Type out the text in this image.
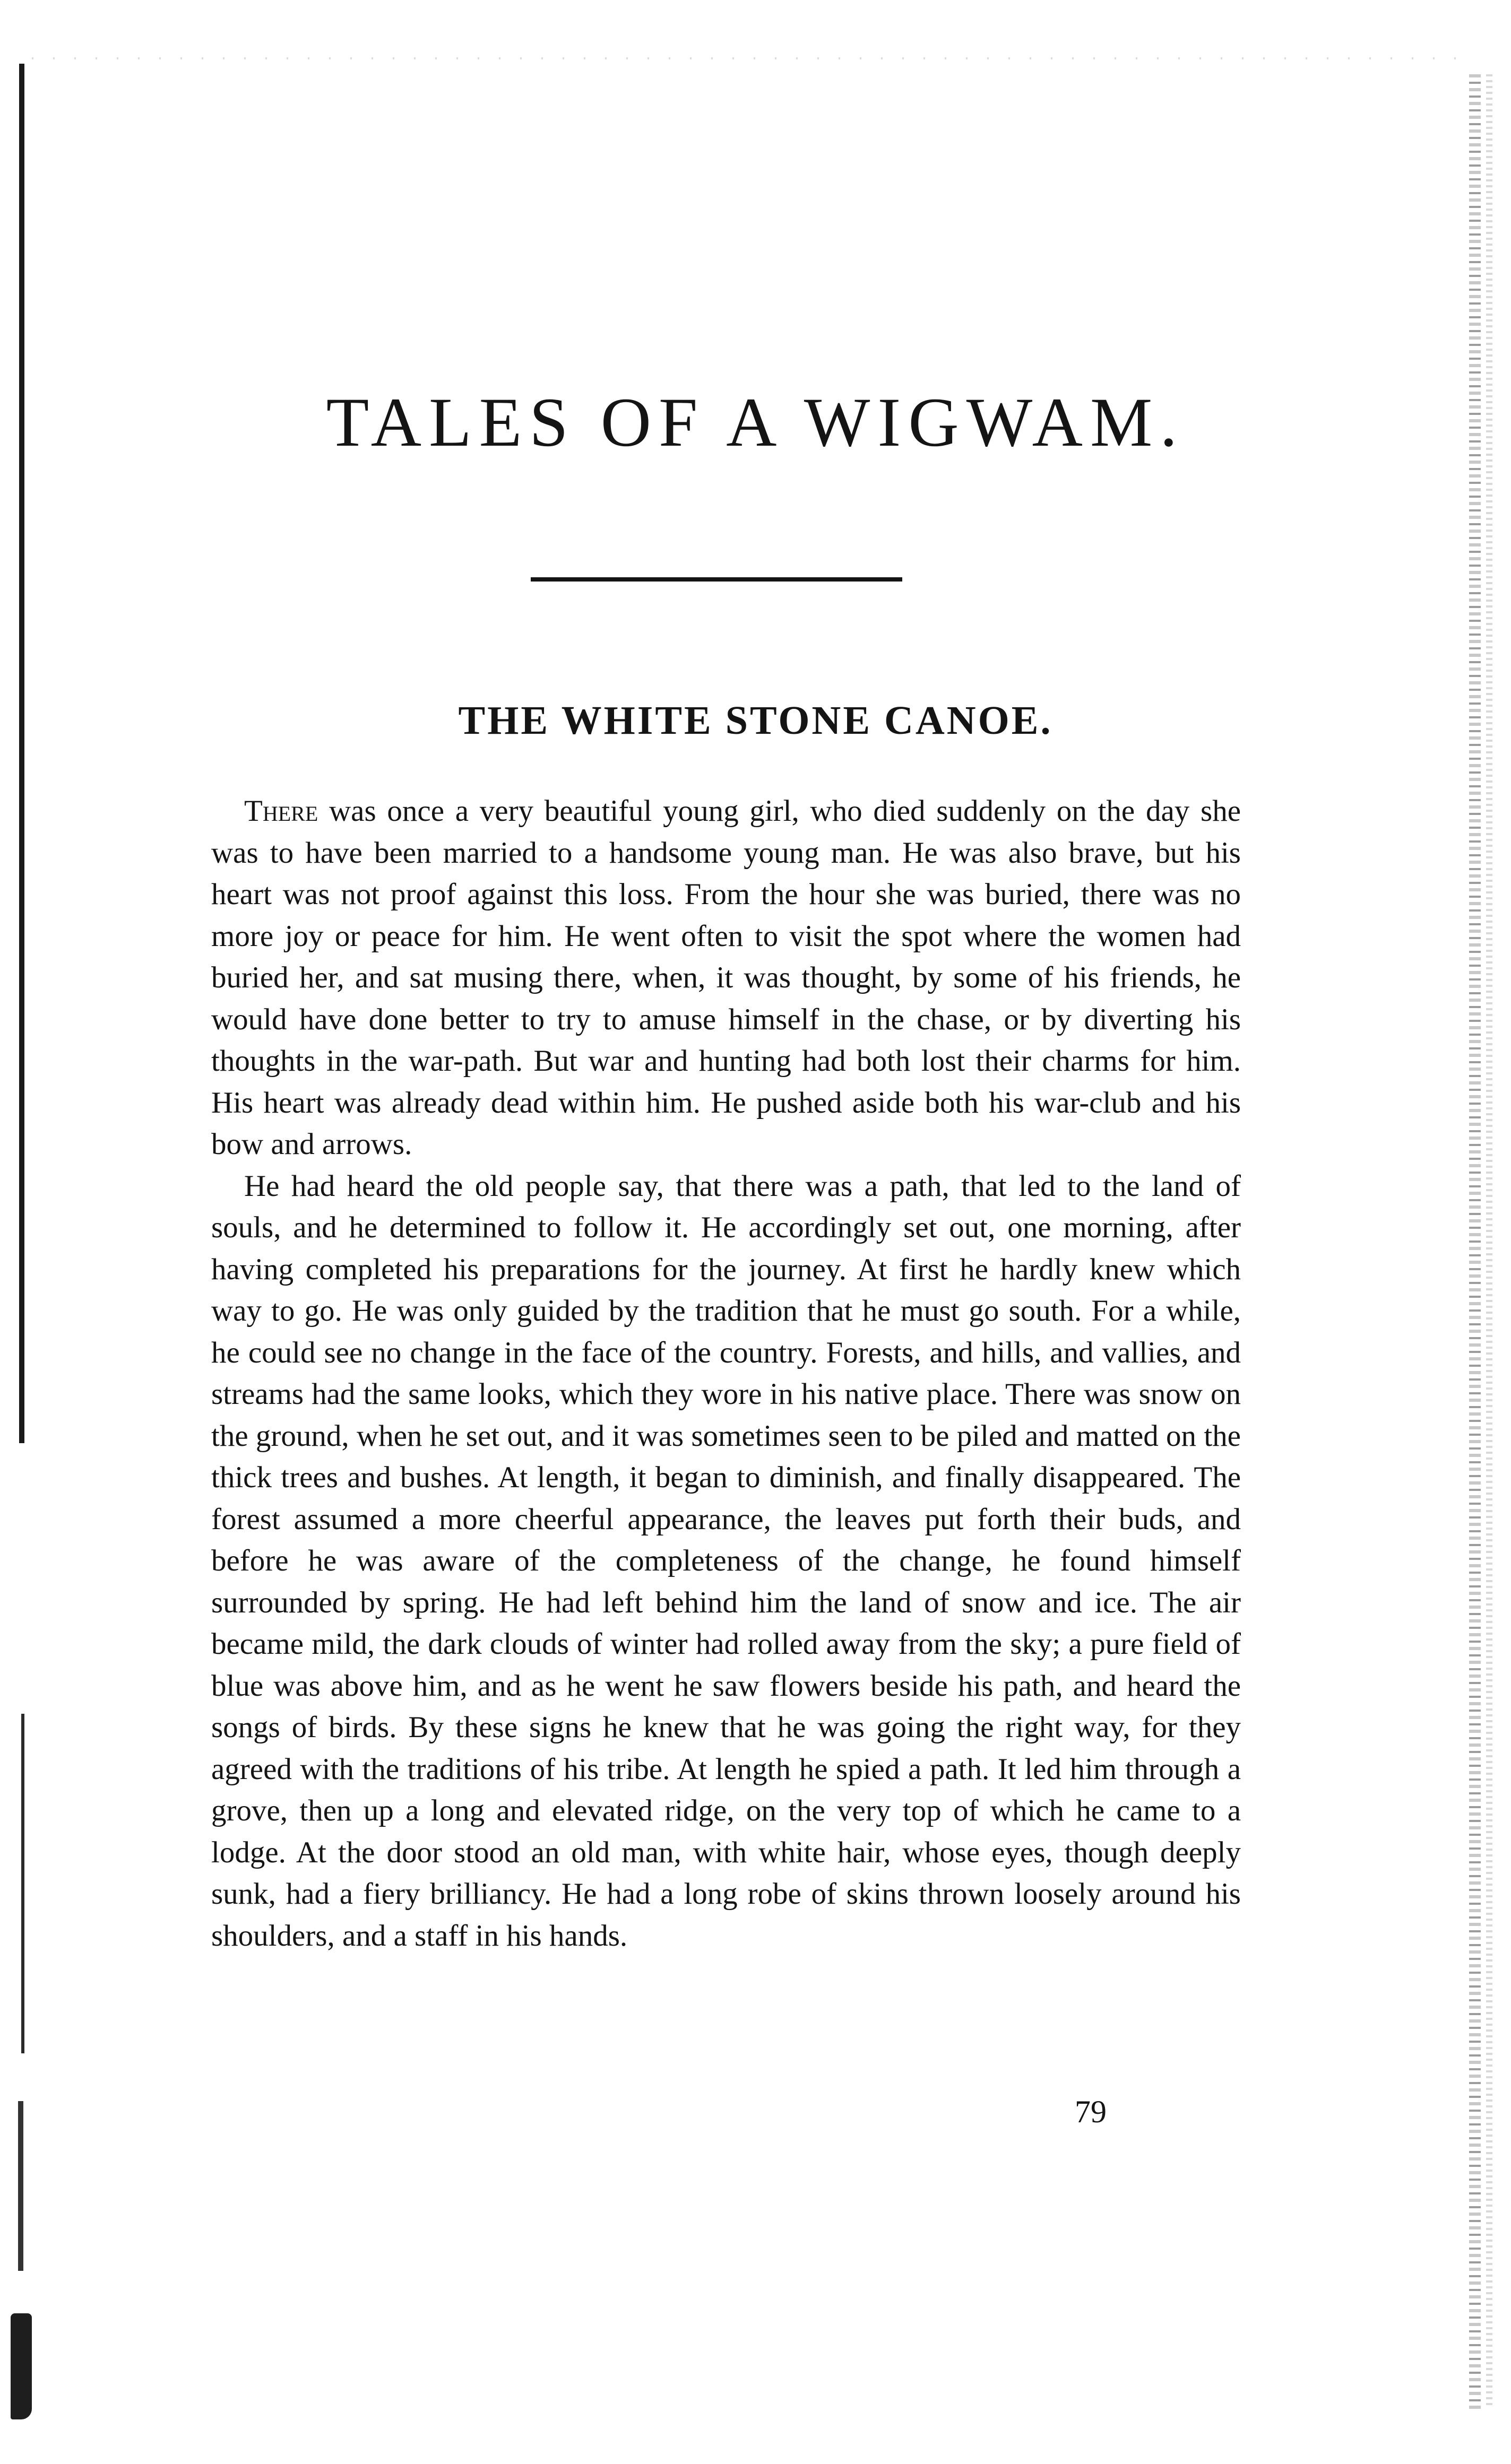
TALES OF A WIGWAM.
THE WHITE STONE CANOE.

There was once a very beautiful young girl, who died suddenly on the day she was to have been married to a handsome young man. He was also brave, but his heart was not proof against this loss. From the hour she was buried, there was no more joy or peace for him. He went often to visit the spot where the women had buried her, and sat musing there, when, it was thought, by some of his friends, he would have done better to try to amuse himself in the chase, or by diverting his thoughts in the war-path. But war and hunting had both lost their charms for him. His heart was already dead within him. He pushed aside both his war-club and his bow and arrows.

He had heard the old people say, that there was a path, that led to the land of souls, and he determined to follow it. He accordingly set out, one morning, after having completed his preparations for the journey. At first he hardly knew which way to go. He was only guided by the tradition that he must go south. For a while, he could see no change in the face of the country. Forests, and hills, and vallies, and streams had the same looks, which they wore in his native place. There was snow on the ground, when he set out, and it was sometimes seen to be piled and matted on the thick trees and bushes. At length, it began to diminish, and finally disappeared. The forest assumed a more cheerful appearance, the leaves put forth their buds, and before he was aware of the completeness of the change, he found himself surrounded by spring. He had left behind him the land of snow and ice. The air became mild, the dark clouds of winter had rolled away from the sky; a pure field of blue was above him, and as he went he saw flowers beside his path, and heard the songs of birds. By these signs he knew that he was going the right way, for they agreed with the traditions of his tribe. At length he spied a path. It led him through a grove, then up a long and elevated ridge, on the very top of which he came to a lodge. At the door stood an old man, with white hair, whose eyes, though deeply sunk, had a fiery brilliancy. He had a long robe of skins thrown loosely around his shoulders, and a staff in his hands.

79
